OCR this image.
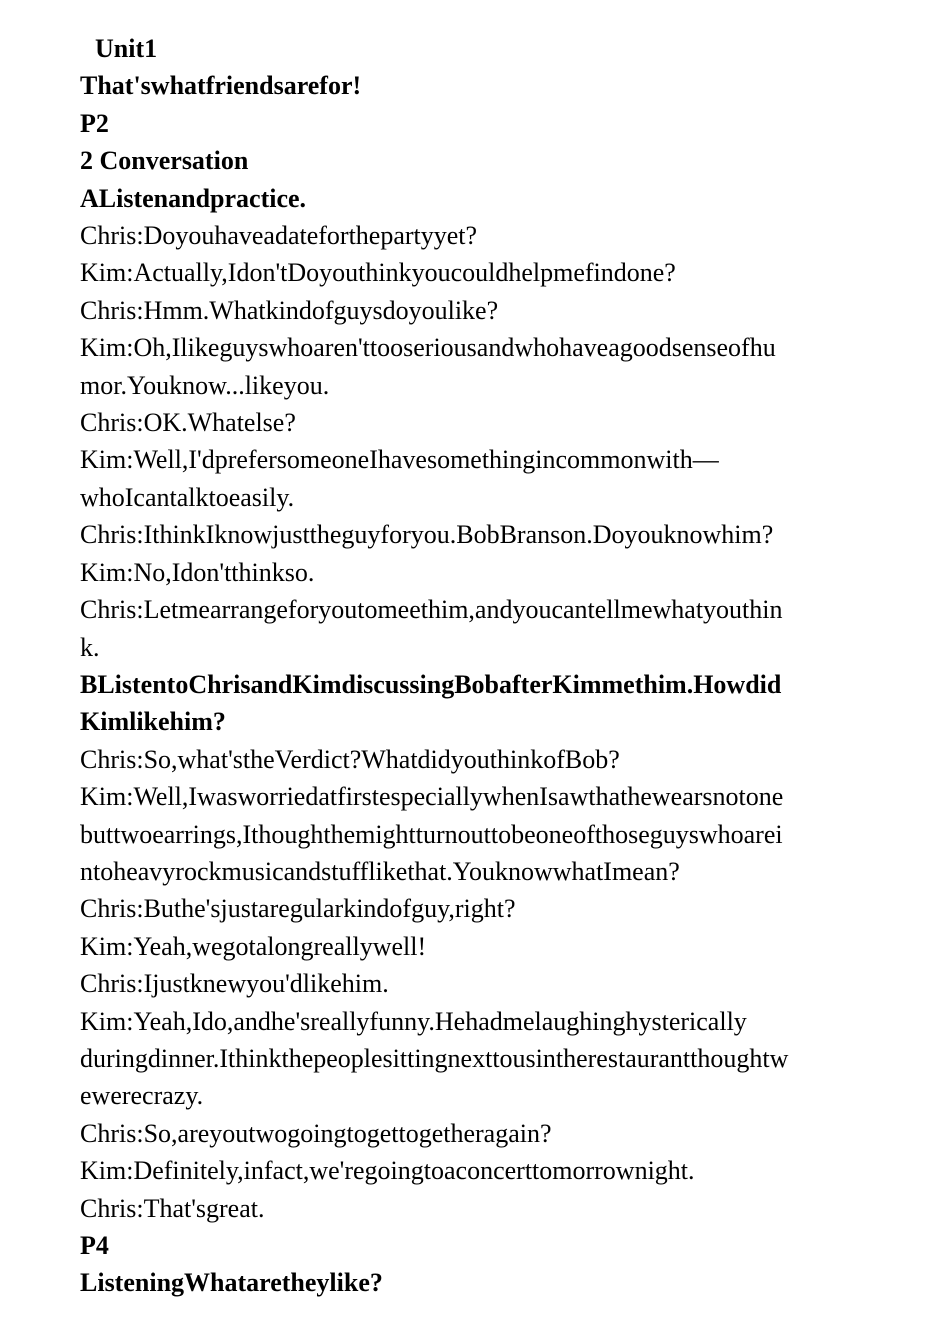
Unit1

That'swhatfriendsarefor!

P2

2 Conversation

AListenandpractice.

Chris:Doyouhaveadateforthepartyyet?

Kim:Actually,Idon'tDoyouthinkyoucouldhelpmefindone?

Chris:Hmm.Whatkindofguysdoyoulike?

Kim:Oh,Ilikeguyswhoaren'ttooseriousandwhohaveagoodsenseofhu

mor.Youknow...likeyou.

Chris:OK.Whatelse?

Kim:Well,I'dprefersomeoneIhavesomethingincommonwith—

whoIcantalktoeasily.

Chris:IthinkIknowjusttheguyforyou.BobBranson.Doyouknowhim?

Kim:No,Idon'tthinkso.

Chris:Letmearrangeforyoutomeethim,andyoucantellmewhatyouthin

k.

BListentoChrisandKimdiscussingBobafterKimmethim.Howdid

Kimlikehim?

Chris:So,what'stheVerdict?WhatdidyouthinkofBob?

Kim:Well,IwasworriedatfirstespeciallywhenIsawthathewearsnotone

buttwoearrings,Ithoughthemightturnouttobeoneofthoseguyswhoarei

ntoheavyrockmusicandstufflikethat.YouknowwhatImean?

Chris:Buthe'sjustaregularkindofguy,right?

Kim:Yeah,wegotalongreallywell!

Chris:Ijustknewyou'dlikehim.

Kim:Yeah,Ido,andhe'sreallyfunny.Hehadmelaughinghysterically

duringdinner.Ithinkthepeoplesittingnexttousintherestaurantthoughtw

ewerecrazy.

Chris:So,areyoutwogoingtogettogetheragain?

Kim:Definitely,infact,we'regoingtoaconcerttomorrownight.

Chris:That'sgreat.

P4

ListeningWhataretheylike?
